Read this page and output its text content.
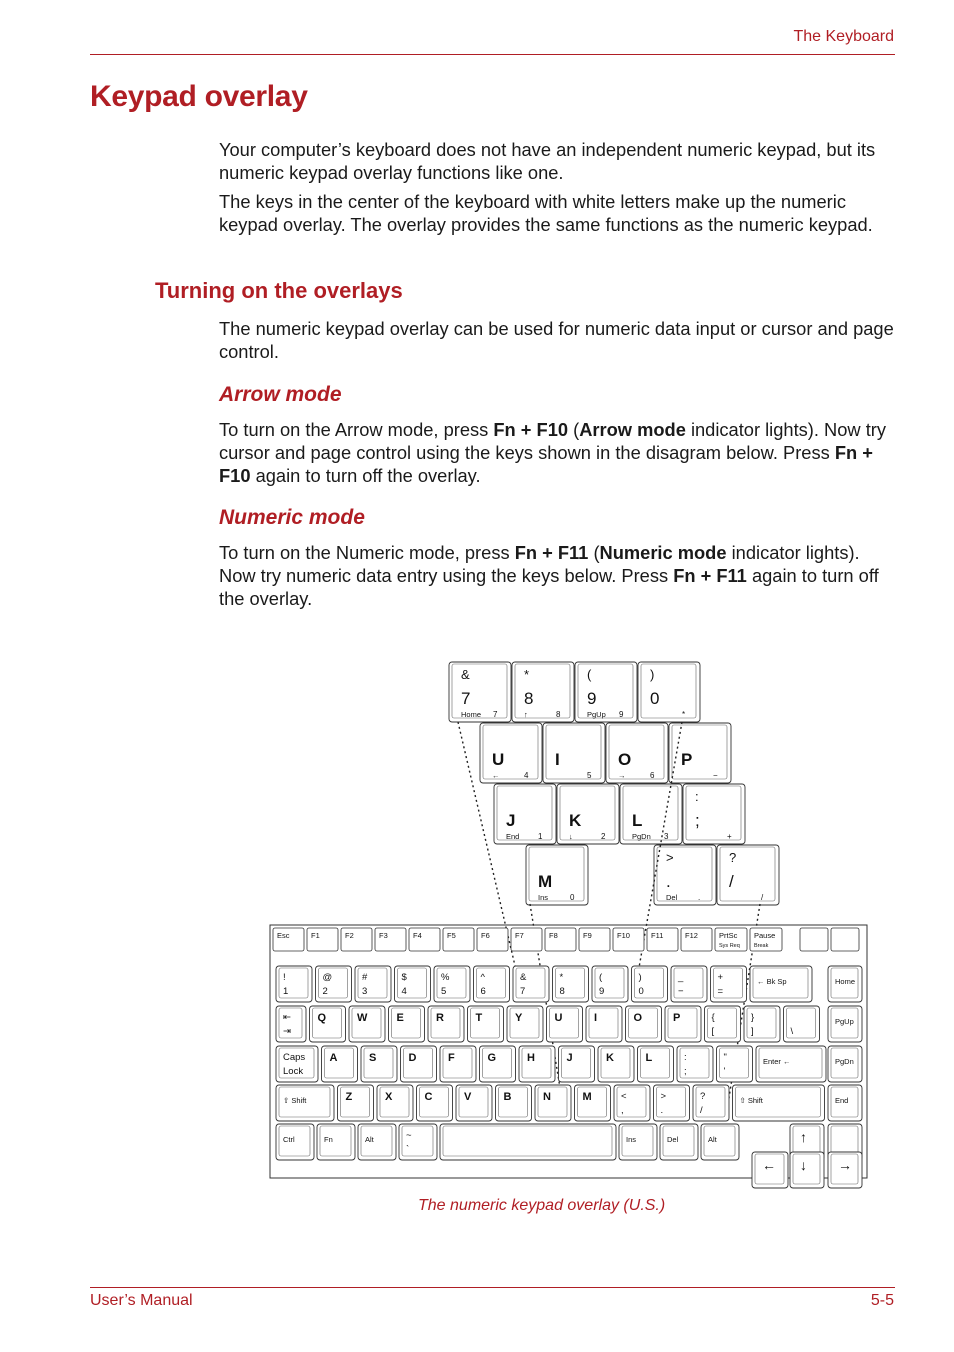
The Keyboard
Keypad overlay

Your computer’s keyboard does not have an independent numeric keypad, but its numeric keypad overlay functions like one.

The keys in the center of the keyboard with white letters make up the numeric keypad overlay. The overlay provides the same functions as the numeric keypad.

Turning on the overlays

The numeric keypad overlay can be used for numeric data input or cursor and page control.

Arrow mode

To turn on the Arrow mode, press Fn + F10 (Arrow mode indicator lights). Now try cursor and page control using the keys shown in the disagram below. Press Fn + F10 again to turn off the overlay.

Numeric mode

To turn on the Numeric mode, press Fn + F11 (Numeric mode indicator lights). Now try numeric data entry using the keys below. Press Fn + F11 again to turn off the overlay.

&
7
Home 7
*
8
↑	8
(
9
PgUp 9
)
0
*
U
←	4
I
5
O
→	6
P
−
J
End 1
K
↓	2
L
PgDn 3
:
;
+
M
Ins	0
>
.
Del	.
?
/
/
Esc	F1	F2	F3	F4	F5	F6	F7	F8	F9	F10	F11	F12	PrtSc
Sys Req
Pause
Break
!
1
@
2
#
3
$
4
%
5
^
6
&
7
*
8
(
9
)
0
_
−
+
=
← Bk Sp	Home
⇤
⇥
Q	W	E	R	T	Y	U	I	O	P	{
[
}
]	\
PgUp
Caps
Lock
A	S	D	F	G	H	J	K	L	:
;
"
'
Enter ←	PgDn
⇧ Shift	Z	X	C	V	B	N	M	<
,
>
.
?
/
⇧ Shift	End
Ctrl	Fn	Alt	~
`
Ins	Del	Alt	↑
← ↓ →
The numeric keypad overlay (U.S.)
User’s Manual	5-5
